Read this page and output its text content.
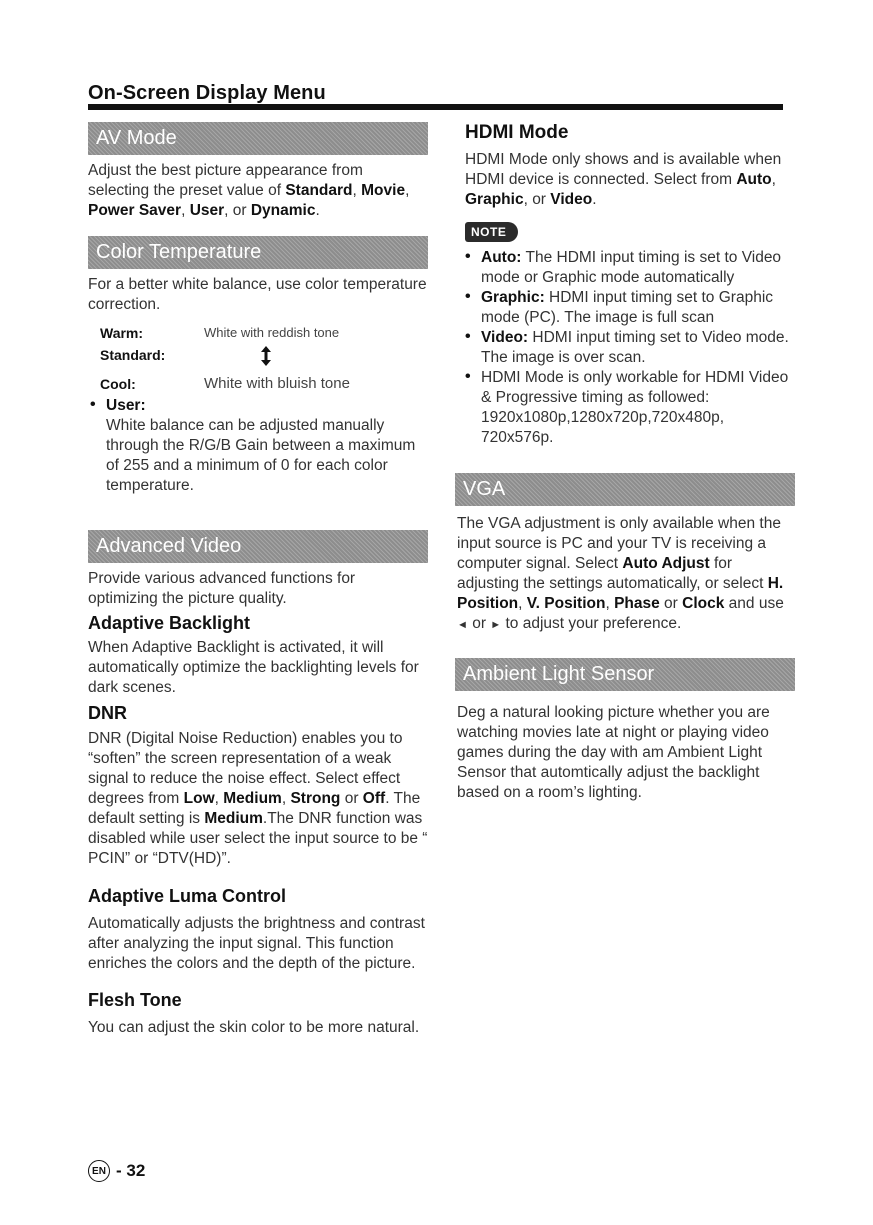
On-Screen Display Menu
AV Mode

Adjust the best picture appearance from selecting the preset value of Standard, Movie, Power Saver, User, or Dynamic.

Color Temperature

For a better white balance, use color temperature correction.

Warm:	White with reddish tone
Standard:
Cool:	White with bluish tone

• User:

White balance can be adjusted manually through the R/G/B Gain between a maximum of 255 and a minimum of 0 for each color temperature.

Advanced Video

Provide various advanced functions for optimizing the picture quality.

Adaptive Backlight

When Adaptive Backlight is activated, it will automatically optimize the backlighting levels for dark scenes.

DNR

DNR (Digital Noise Reduction) enables you to “soften” the screen representation of a weak signal to reduce the noise effect. Select effect degrees from Low, Medium, Strong or Off. The default setting is Medium.The DNR function was disabled while user select the input source to be “ PCIN” or “DTV(HD)”.

Adaptive Luma Control

Automatically adjusts the brightness and contrast after analyzing the input signal. This function enriches the colors and the depth of the picture.

Flesh Tone

You can adjust the skin color to be more natural.

HDMI Mode

HDMI Mode only shows and is available when HDMI device is connected. Select from Auto, Graphic, or Video.

NOTE

• Auto: The HDMI input timing is set to Video mode or Graphic mode automatically

• Graphic: HDMI input timing set to Graphic mode (PC). The image is full scan

• Video: HDMI input timing set to Video mode. The image is over scan.

• HDMI Mode is only workable for HDMI Video & Progressive timing as followed: 1920x1080p,1280x720p,720x480p, 720x576p.

VGA

The VGA adjustment is only available when the input source is PC and your TV is receiving a computer signal. Select Auto Adjust for adjusting the settings automatically, or select H. Position, V. Position, Phase or Clock and use ◄ or ► to adjust your preference.

Ambient Light Sensor

Deg a natural looking picture whether you are watching movies late at night or playing video games during the day with am Ambient Light Sensor that automtically adjust the backlight based on a room’s lighting.

EN - 32
